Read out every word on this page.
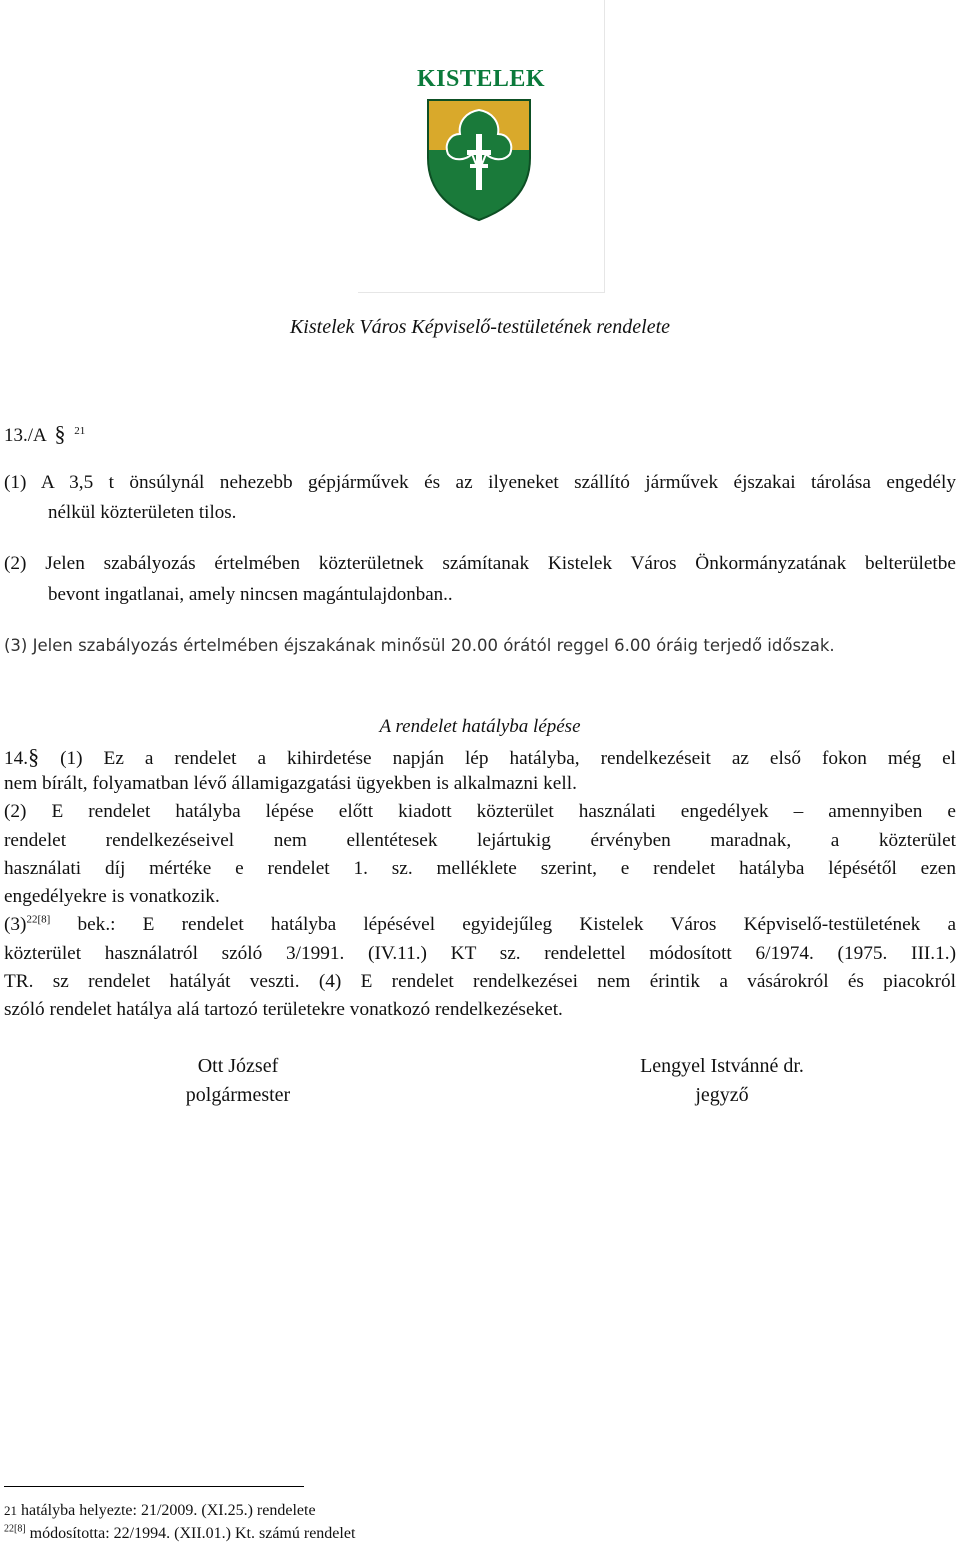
KISTELEK
Kistelek Város Képviselő-testületének rendelete
13./A § $^{21}$
(1) A 3,5 t önsúlynál nehezebb gépjárművek és az ilyeneket szállító járművek éjszakai tárolása engedély
nélkül közterületen tilos.
(2) Jelen szabályozás értelmében közterületnek számítanak Kistelek Város Önkormányzatának belterületbe
bevont ingatlanai, amely nincsen magántulajdonban..
(3) Jelen szabályozás értelmében éjszakának minősül 20.00 órától reggel 6.00 óráig terjedő időszak.
A rendelet hatályba lépése
14.§ (1) Ez a rendelet a kihirdetése napján lép hatályba, rendelkezéseit az első fokon még el
nem bírált, folyamatban lévő államigazgatási ügyekben is alkalmazni kell.
(2) E rendelet hatályba lépése előtt kiadott közterület használati engedélyek – amennyiben e
rendelet rendelkezéseivel nem ellentétesek lejártukig érvényben maradnak, a közterület
használati díj mértéke e rendelet 1. sz. melléklete szerint, e rendelet hatályba lépésétől ezen
engedélyekre is vonatkozik.
$(3)^{22[8]}$ bek.: E rendelet hatályba lépésével egyidejűleg Kistelek Város Képviselő-testületének a
közterület használatról szóló 3/1991. (IV.11.) KT sz. rendelettel módosított 6/1974. (1975. III.1.)
TR. sz rendelet hatályát veszti. (4) E rendelet rendelkezései nem érintik a vásárokról és piacokról
szóló rendelet hatálya alá tartozó területekre vonatkozó rendelkezéseket.
Ott József
polgármester
Lengyel Istvánné dr.
jegyző
21 hatályba helyezte: 21/2009. (XI.25.) rendelete
$^{22[8]}$ módosította: 22/1994. (XII.01.) Kt. számú rendelet
